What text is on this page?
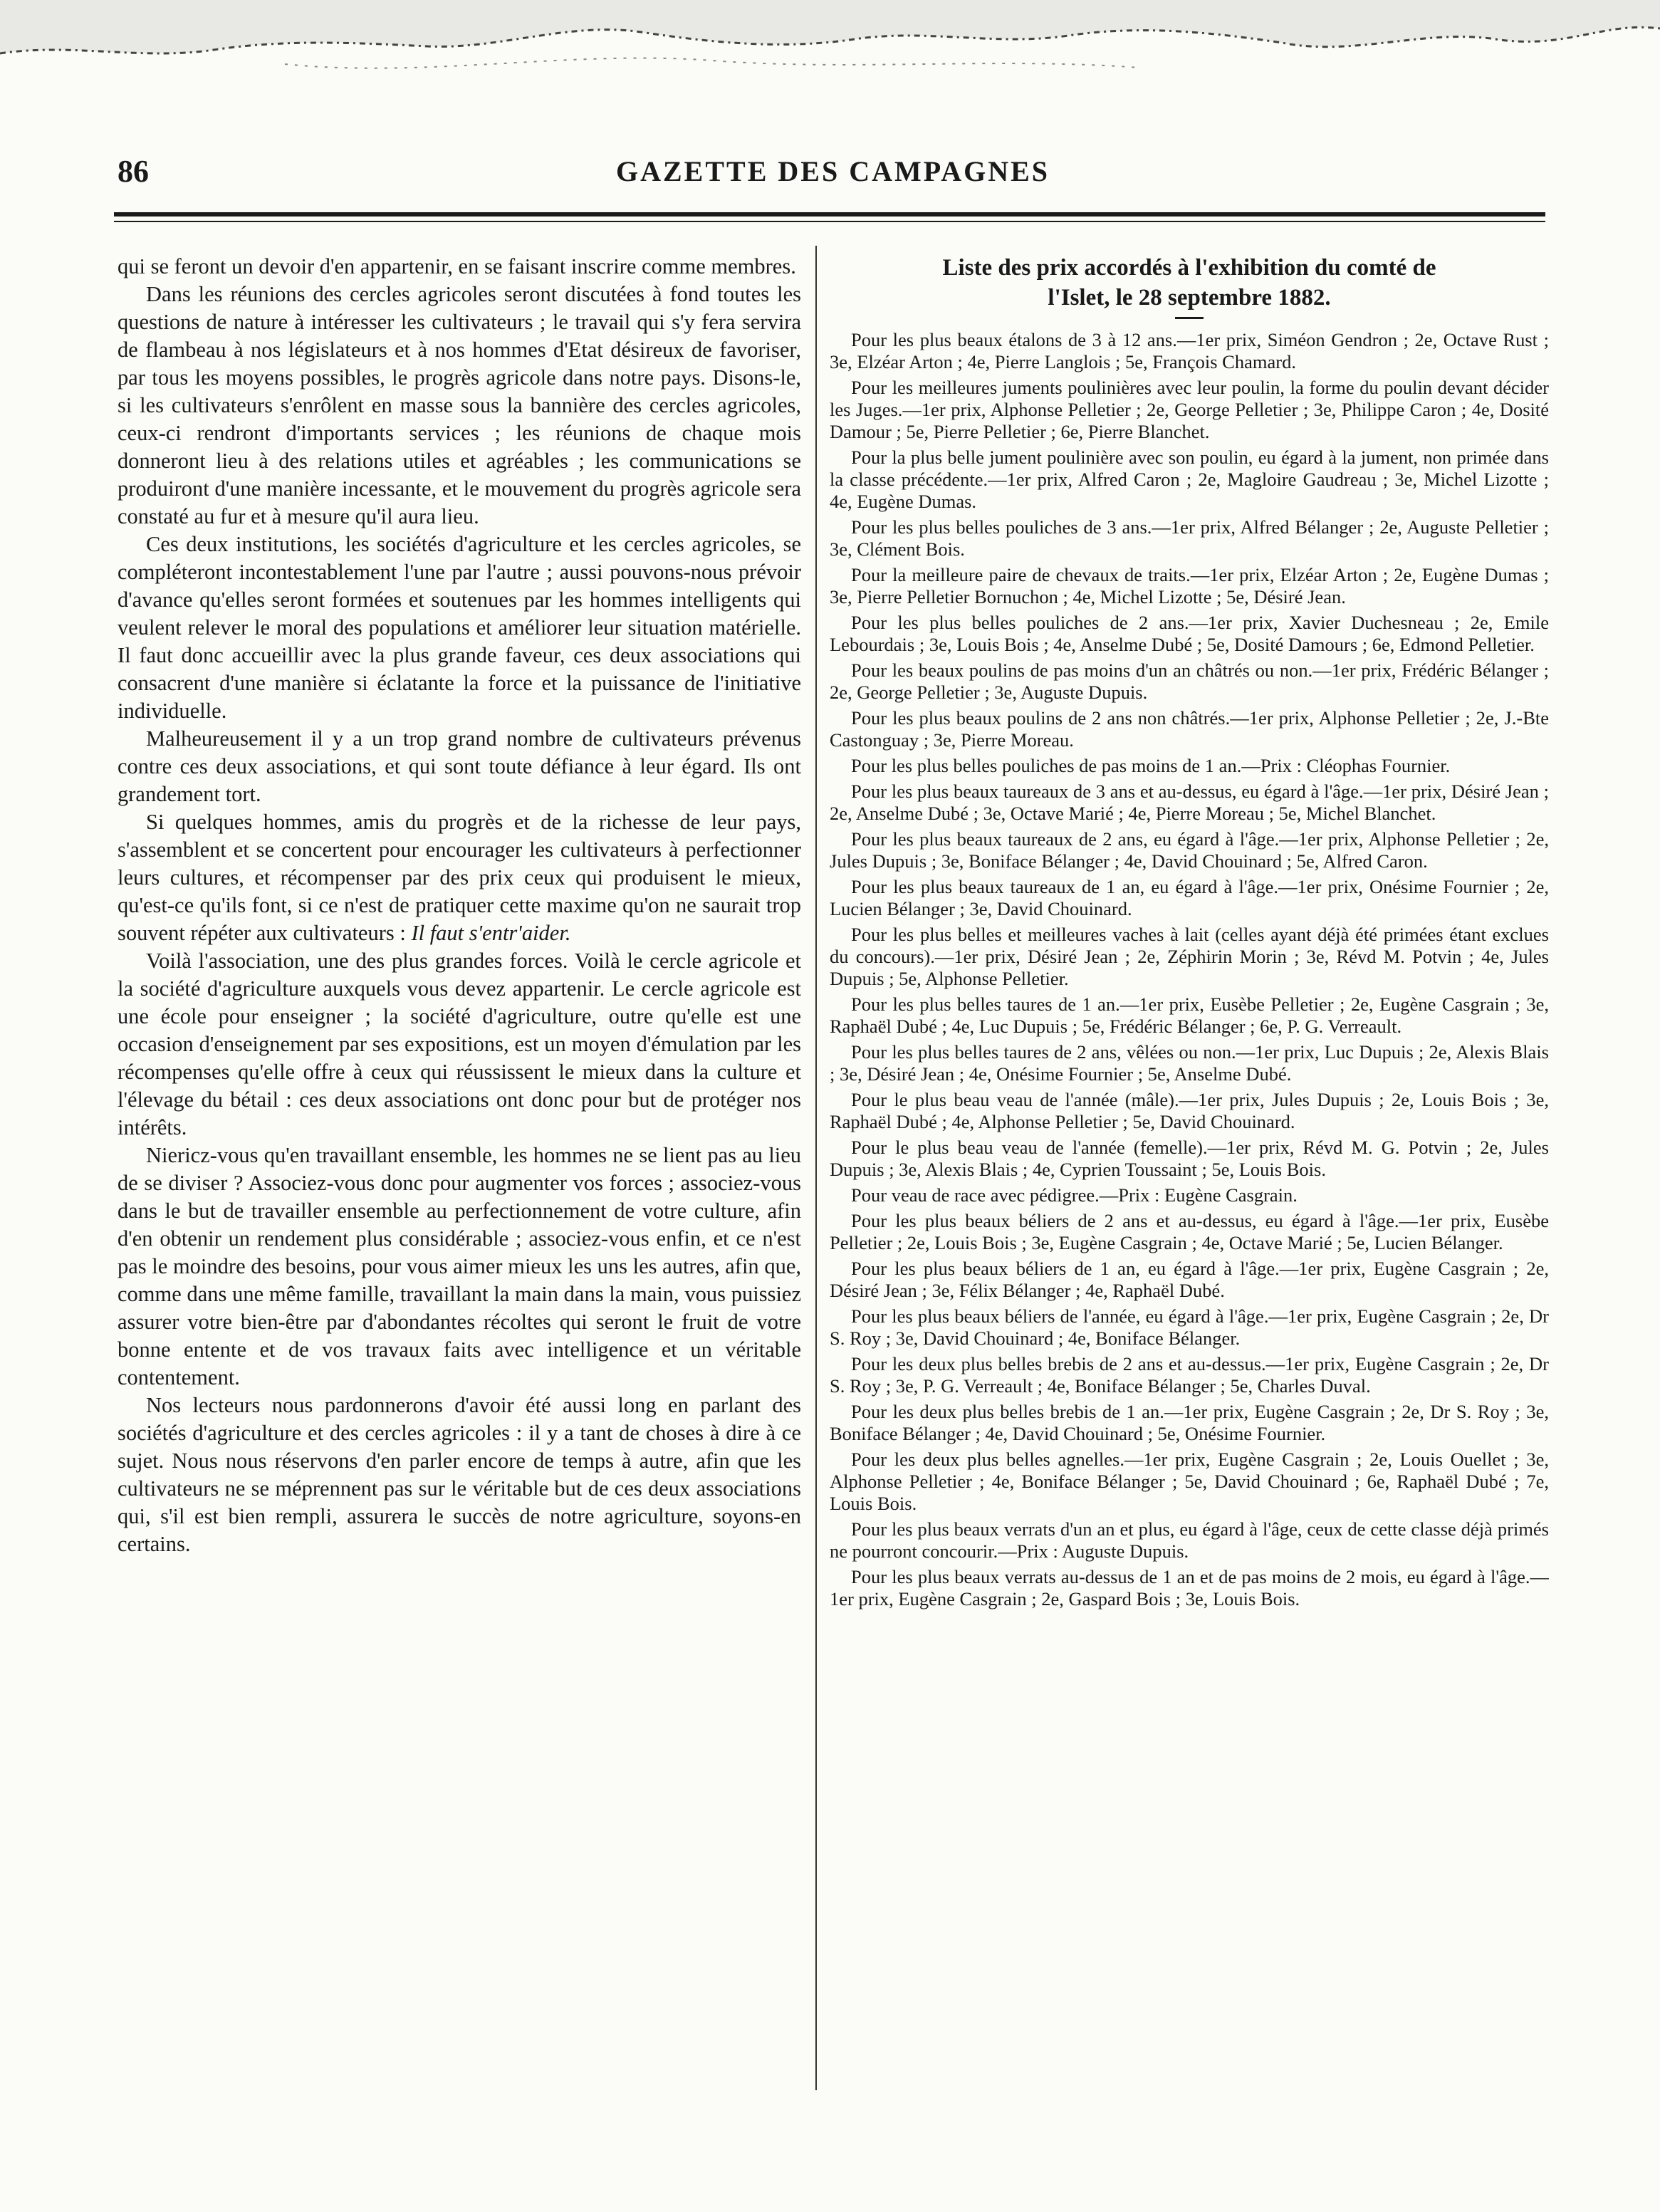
86	GAZETTE DES CAMPAGNES

qui se feront un devoir d'en appartenir, en se faisant inscrire comme membres.

Dans les réunions des cercles agricoles seront discutées à fond toutes les questions de nature à intéresser les cultivateurs ; le travail qui s'y fera servira de flambeau à nos législateurs et à nos hommes d'Etat désireux de favoriser, par tous les moyens possibles, le progrès agricole dans notre pays. Disons-le, si les cultivateurs s'enrôlent en masse sous la bannière des cercles agricoles, ceux-ci rendront d'importants services ; les réunions de chaque mois donneront lieu à des relations utiles et agréables ; les communications se produiront d'une manière incessante, et le mouvement du progrès agricole sera constaté au fur et à mesure qu'il aura lieu.

Ces deux institutions, les sociétés d'agriculture et les cercles agricoles, se compléteront incontestablement l'une par l'autre ; aussi pouvons-nous prévoir d'avance qu'elles seront formées et soutenues par les hommes intelligents qui veulent relever le moral des populations et améliorer leur situation matérielle. Il faut donc accueillir avec la plus grande faveur, ces deux associations qui consacrent d'une manière si éclatante la force et la puissance de l'initiative individuelle.

Malheureusement il y a un trop grand nombre de cultivateurs prévenus contre ces deux associations, et qui sont toute défiance à leur égard. Ils ont grandement tort.

Si quelques hommes, amis du progrès et de la richesse de leur pays, s'assemblent et se concertent pour encourager les cultivateurs à perfectionner leurs cultures, et récompenser par des prix ceux qui produisent le mieux, qu'est-ce qu'ils font, si ce n'est de pratiquer cette maxime qu'on ne saurait trop souvent répéter aux cultivateurs : Il faut s'entr'aider.

Voilà l'association, une des plus grandes forces. Voilà le cercle agricole et la société d'agriculture auxquels vous devez appartenir. Le cercle agricole est une école pour enseigner ; la société d'agriculture, outre qu'elle est une occasion d'enseignement par ses expositions, est un moyen d'émulation par les récompenses qu'elle offre à ceux qui réussissent le mieux dans la culture et l'élevage du bétail : ces deux associations ont donc pour but de protéger nos intérêts.

Niericz-vous qu'en travaillant ensemble, les hommes ne se lient pas au lieu de se diviser ? Associez-vous donc pour augmenter vos forces ; associez-vous dans le but de travailler ensemble au perfectionnement de votre culture, afin d'en obtenir un rendement plus considérable ; associez-vous enfin, et ce n'est pas le moindre des besoins, pour vous aimer mieux les uns les autres, afin que, comme dans une même famille, travaillant la main dans la main, vous puissiez assurer votre bien-être par d'abondantes récoltes qui seront le fruit de votre bonne entente et de vos travaux faits avec intelligence et un véritable contentement.

Nos lecteurs nous pardonnerons d'avoir été aussi long en parlant des sociétés d'agriculture et des cercles agricoles : il y a tant de choses à dire à ce sujet. Nous nous réservons d'en parler encore de temps à autre, afin que les cultivateurs ne se méprennent pas sur le véritable but de ces deux associations qui, s'il est bien rempli, assurera le succès de notre agriculture, soyons-en certains.

Liste des prix accordés à l'exhibition du comté de
l'Islet, le 28 septembre 1882.

Pour les plus beaux étalons de 3 à 12 ans.—1er prix, Siméon Gendron ; 2e, Octave Rust ; 3e, Elzéar Arton ; 4e, Pierre Langlois ; 5e, François Chamard.

Pour les meilleures juments poulinières avec leur poulin, la forme du poulin devant décider les Juges.—1er prix, Alphonse Pelletier ; 2e, George Pelletier ; 3e, Philippe Caron ; 4e, Dosité Damour ; 5e, Pierre Pelletier ; 6e, Pierre Blanchet.

Pour la plus belle jument poulinière avec son poulin, eu égard à la jument, non primée dans la classe précédente.—1er prix, Alfred Caron ; 2e, Magloire Gaudreau ; 3e, Michel Lizotte ; 4e, Eugène Dumas.

Pour les plus belles pouliches de 3 ans.—1er prix, Alfred Bélanger ; 2e, Auguste Pelletier ; 3e, Clément Bois.

Pour la meilleure paire de chevaux de traits.—1er prix, Elzéar Arton ; 2e, Eugène Dumas ; 3e, Pierre Pelletier Bornuchon ; 4e, Michel Lizotte ; 5e, Désiré Jean.

Pour les plus belles pouliches de 2 ans.—1er prix, Xavier Duchesneau ; 2e, Emile Lebourdais ; 3e, Louis Bois ; 4e, Anselme Dubé ; 5e, Dosité Damours ; 6e, Edmond Pelletier.

Pour les beaux poulins de pas moins d'un an châtrés ou non.—1er prix, Frédéric Bélanger ; 2e, George Pelletier ; 3e, Auguste Dupuis.

Pour les plus beaux poulins de 2 ans non châtrés.—1er prix, Alphonse Pelletier ; 2e, J.-Bte Castonguay ; 3e, Pierre Moreau.

Pour les plus belles pouliches de pas moins de 1 an.—Prix : Cléophas Fournier.

Pour les plus beaux taureaux de 3 ans et au-dessus, eu égard à l'âge.—1er prix, Désiré Jean ; 2e, Anselme Dubé ; 3e, Octave Marié ; 4e, Pierre Moreau ; 5e, Michel Blanchet.

Pour les plus beaux taureaux de 2 ans, eu égard à l'âge.—1er prix, Alphonse Pelletier ; 2e, Jules Dupuis ; 3e, Boniface Bélanger ; 4e, David Chouinard ; 5e, Alfred Caron.

Pour les plus beaux taureaux de 1 an, eu égard à l'âge.—1er prix, Onésime Fournier ; 2e, Lucien Bélanger ; 3e, David Chouinard.

Pour les plus belles et meilleures vaches à lait (celles ayant déjà été primées étant exclues du concours).—1er prix, Désiré Jean ; 2e, Zéphirin Morin ; 3e, Révd M. Potvin ; 4e, Jules Dupuis ; 5e, Alphonse Pelletier.

Pour les plus belles taures de 1 an.—1er prix, Eusèbe Pelletier ; 2e, Eugène Casgrain ; 3e, Raphaël Dubé ; 4e, Luc Dupuis ; 5e, Frédéric Bélanger ; 6e, P. G. Verreault.

Pour les plus belles taures de 2 ans, vêlées ou non.—1er prix, Luc Dupuis ; 2e, Alexis Blais ; 3e, Désiré Jean ; 4e, Onésime Fournier ; 5e, Anselme Dubé.

Pour le plus beau veau de l'année (mâle).—1er prix, Jules Dupuis ; 2e, Louis Bois ; 3e, Raphaël Dubé ; 4e, Alphonse Pelletier ; 5e, David Chouinard.

Pour le plus beau veau de l'année (femelle).—1er prix, Révd M. G. Potvin ; 2e, Jules Dupuis ; 3e, Alexis Blais ; 4e, Cyprien Toussaint ; 5e, Louis Bois.

Pour veau de race avec pédigree.—Prix : Eugène Casgrain.

Pour les plus beaux béliers de 2 ans et au-dessus, eu égard à l'âge.—1er prix, Eusèbe Pelletier ; 2e, Louis Bois ; 3e, Eugène Casgrain ; 4e, Octave Marié ; 5e, Lucien Bélanger.

Pour les plus beaux béliers de 1 an, eu égard à l'âge.—1er prix, Eugène Casgrain ; 2e, Désiré Jean ; 3e, Félix Bélanger ; 4e, Raphaël Dubé.

Pour les plus beaux béliers de l'année, eu égard à l'âge.—1er prix, Eugène Casgrain ; 2e, Dr S. Roy ; 3e, David Chouinard ; 4e, Boniface Bélanger.

Pour les deux plus belles brebis de 2 ans et au-dessus.—1er prix, Eugène Casgrain ; 2e, Dr S. Roy ; 3e, P. G. Verreault ; 4e, Boniface Bélanger ; 5e, Charles Duval.

Pour les deux plus belles brebis de 1 an.—1er prix, Eugène Casgrain ; 2e, Dr S. Roy ; 3e, Boniface Bélanger ; 4e, David Chouinard ; 5e, Onésime Fournier.

Pour les deux plus belles agnelles.—1er prix, Eugène Casgrain ; 2e, Louis Ouellet ; 3e, Alphonse Pelletier ; 4e, Boniface Bélanger ; 5e, David Chouinard ; 6e, Raphaël Dubé ; 7e, Louis Bois.

Pour les plus beaux verrats d'un an et plus, eu égard à l'âge, ceux de cette classe déjà primés ne pourront concourir.—Prix : Auguste Dupuis.

Pour les plus beaux verrats au-dessus de 1 an et de pas moins de 2 mois, eu égard à l'âge.—1er prix, Eugène Casgrain ; 2e, Gaspard Bois ; 3e, Louis Bois.
